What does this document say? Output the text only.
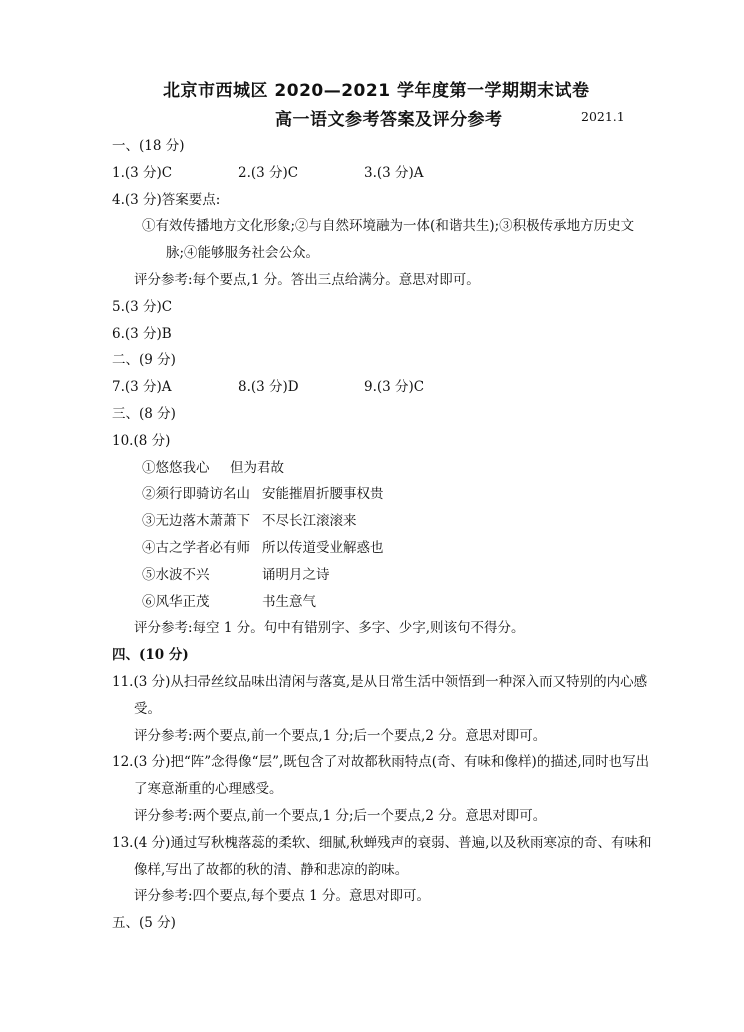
北京市西城区 2020—2021 学年度第一学期期末试卷
高一语文参考答案及评分参考	2021.1
一、(18 分)
1.(3 分)C	2.(3 分)C	3.(3 分)A
4.(3 分)答案要点:
①有效传播地方文化形象;②与自然环境融为一体(和谐共生);③积极传承地方历史文脉;④能够服务社会公众。
评分参考:每个要点,1 分。答出三点给满分。意思对即可。
5.(3 分)C
6.(3 分)B
二、(9 分)
7.(3 分)A	8.(3 分)D	9.(3 分)C
三、(8 分)
10.(8 分)
①悠悠我心	但为君故
②须行即骑访名山 安能摧眉折腰事权贵
③无边落木萧萧下 不尽长江滚滚来
④古之学者必有师 所以传道受业解惑也
⑤水波不兴	诵明月之诗
⑥风华正茂	书生意气
评分参考:每空 1 分。句中有错别字、多字、少字,则该句不得分。
四、(10 分)
11.(3 分)从扫帚丝纹品味出清闲与落寞,是从日常生活中领悟到一种深入而又特别的内心感受。
评分参考:两个要点,前一个要点,1 分;后一个要点,2 分。意思对即可。
12.(3 分)把“阵”念得像“层”,既包含了对故都秋雨特点(奇、有味和像样)的描述,同时也写出了寒意渐重的心理感受。
评分参考:两个要点,前一个要点,1 分;后一个要点,2 分。意思对即可。
13.(4 分)通过写秋槐落蕊的柔软、细腻,秋蝉残声的衰弱、普遍,以及秋雨寒凉的奇、有味和像样,写出了故都的秋的清、静和悲凉的韵味。
评分参考:四个要点,每个要点 1 分。意思对即可。
五、(5 分)
